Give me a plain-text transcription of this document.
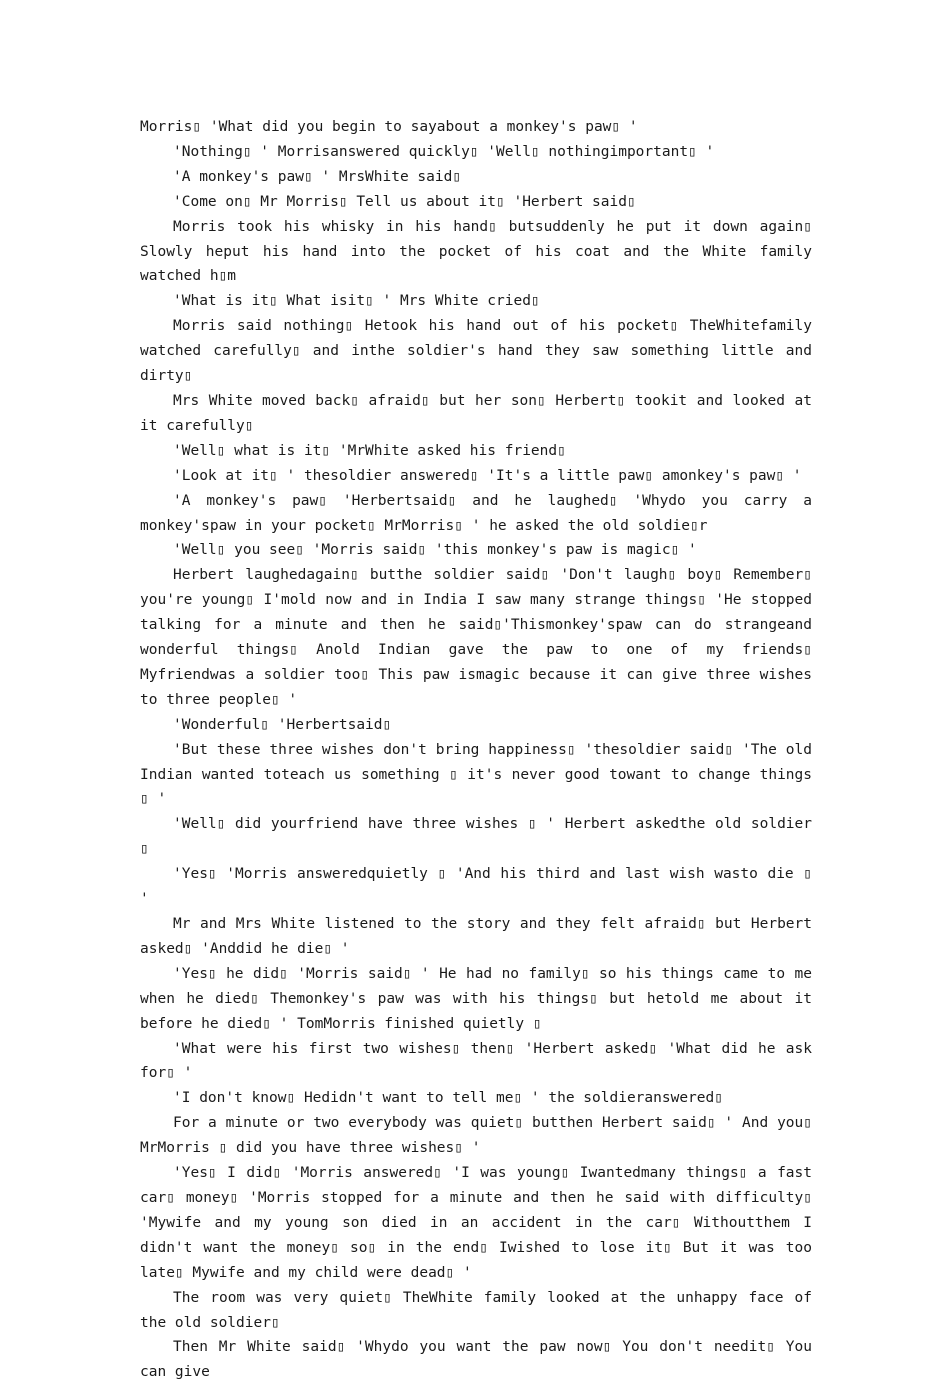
Morris▯ 'What did you begin to sayabout a monkey's paw▯ '

'Nothing▯ ' Morrisanswered quickly▯ 'Well▯ nothingimportant▯ '

'A monkey's paw▯ ' MrsWhite said▯

'Come on▯ Mr Morris▯ Tell us about it▯ 'Herbert said▯

Morris took his whisky in his hand▯ butsuddenly he put it down again▯ Slowly heput his hand into the pocket of his coat and the White family watched h▯m

'What is it▯ What isit▯ ' Mrs White cried▯

Morris said nothing▯ Hetook his hand out of his pocket▯ TheWhitefamily watched carefully▯ and inthe soldier's hand they saw something little and dirty▯

Mrs White moved back▯ afraid▯ but her son▯ Herbert▯ tookit and looked at it carefully▯

'Well▯ what is it▯ 'MrWhite asked his friend▯

'Look at it▯ ' thesoldier answered▯ 'It's a little paw▯ amonkey's paw▯ '

'A monkey's paw▯ 'Herbertsaid▯ and he laughed▯ 'Whydo you carry a monkey'spaw in your pocket▯ MrMorris▯ ' he asked the old soldie▯r

'Well▯ you see▯ 'Morris said▯ 'this monkey's paw is magic▯ '

Herbert laughedagain▯ butthe soldier said▯ 'Don't laugh▯ boy▯ Remember▯ you're young▯ I'mold now and in India I saw many strange things▯ 'He stopped talking for a minute and then he said▯'Thismonkey'spaw can do strangeand wonderful things▯ Anold Indian gave the paw to one of my friends▯ Myfriendwas a soldier too▯ This paw ismagic because it can give three wishes to three people▯ '

'Wonderful▯ 'Herbertsaid▯

'But these three wishes don't bring happiness▯ 'thesoldier said▯ 'The old Indian wanted toteach us something ▯ it's never good towant to change things ▯ '

'Well▯ did yourfriend have three wishes ▯ ' Herbert askedthe old soldier ▯

'Yes▯ 'Morris answeredquietly ▯ 'And his third and last wish wasto die ▯ '

Mr and Mrs White listened to the story and they felt afraid▯ but Herbert asked▯ 'Anddid he die▯ '

'Yes▯ he did▯ 'Morris said▯ ' He had no family▯ so his things came to me when he died▯ Themonkey's paw was with his things▯ but hetold me about it before he died▯ ' TomMorris finished quietly ▯

'What were his first two wishes▯ then▯ 'Herbert asked▯ 'What did he ask for▯ '

'I don't know▯ Hedidn't want to tell me▯ ' the soldieranswered▯

For a minute or two everybody was quiet▯ butthen Herbert said▯ ' And you▯ MrMorris ▯ did you have three wishes▯ '

'Yes▯ I did▯ 'Morris answered▯ 'I was young▯ Iwantedmany things▯ a fast car▯ money▯ 'Morris stopped for a minute and then he said with difficulty▯ 'Mywife and my young son died in an accident in the car▯ Withoutthem I didn't want the money▯ so▯ in the end▯ Iwished to lose it▯ But it was too late▯ Mywife and my child were dead▯ '

The room was very quiet▯ TheWhite family looked at the unhappy face of the old soldier▯

Then Mr White said▯ 'Whydo you want the paw now▯ You don't needit▯ You can give
